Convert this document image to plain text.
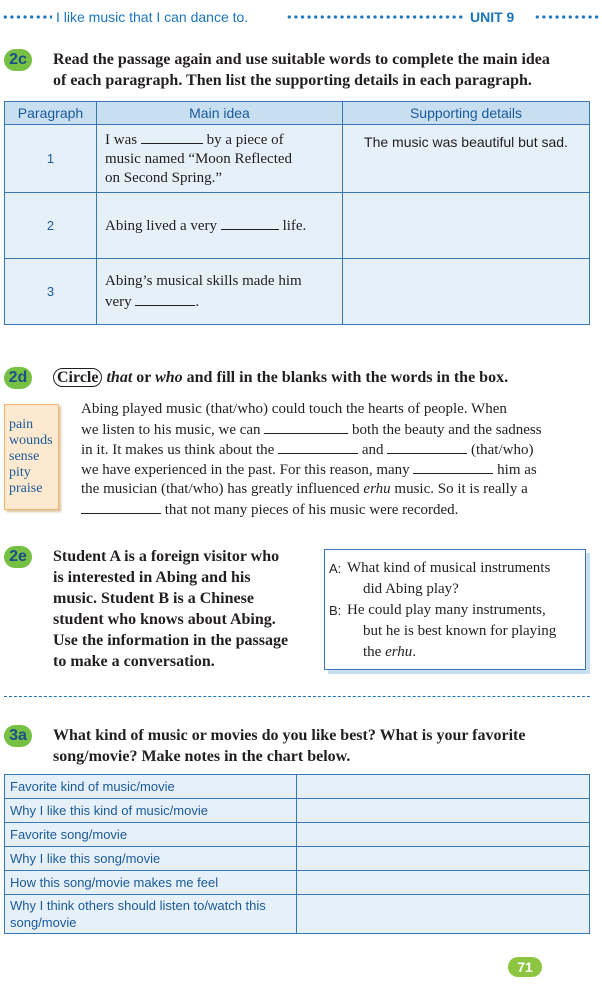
I like music that I can dance to.	UNIT 9
2c	Read the passage again and use suitable words to complete the main idea
of each paragraph. Then list the supporting details in each paragraph.
Paragraph	Main idea	Supporting details
1	I was by a piece of
music named “Moon Reflected
on Second Spring.”	The music was beautiful but sad.
2	Abing lived a very life.	
3	Abing’s musical skills made him
very .	

2d Circle that or who and fill in the blanks with the words in the box.
pain
wounds
sense
pity
praise
Abing played music (that/who) could touch the hearts of people. When
we listen to his music, we can	both the beauty and the sadness
in it. It makes us think about the	and	(that/who)
we have experienced in the past. For this reason, many	him as
the musician (that/who) has greatly influenced erhu music. So it is really a
that not many pieces of his music were recorded.
2e	Student A is a foreign visitor who
is interested in Abing and his
music. Student B is a Chinese
student who knows about Abing.
Use the information in the passage
to make a conversation.
A: What kind of musical instruments
did Abing play?
B: He could play many instruments,
but he is best known for playing
the erhu.
3a	What kind of music or movies do you like best? What is your favorite
song/movie? Make notes in the chart below.
Favorite kind of music/movie	
Why I like this kind of music/movie	
Favorite song/movie	
Why I like this song/movie	
How this song/movie makes me feel	

Why I think others should listen to/watch this
song/movie	

71
